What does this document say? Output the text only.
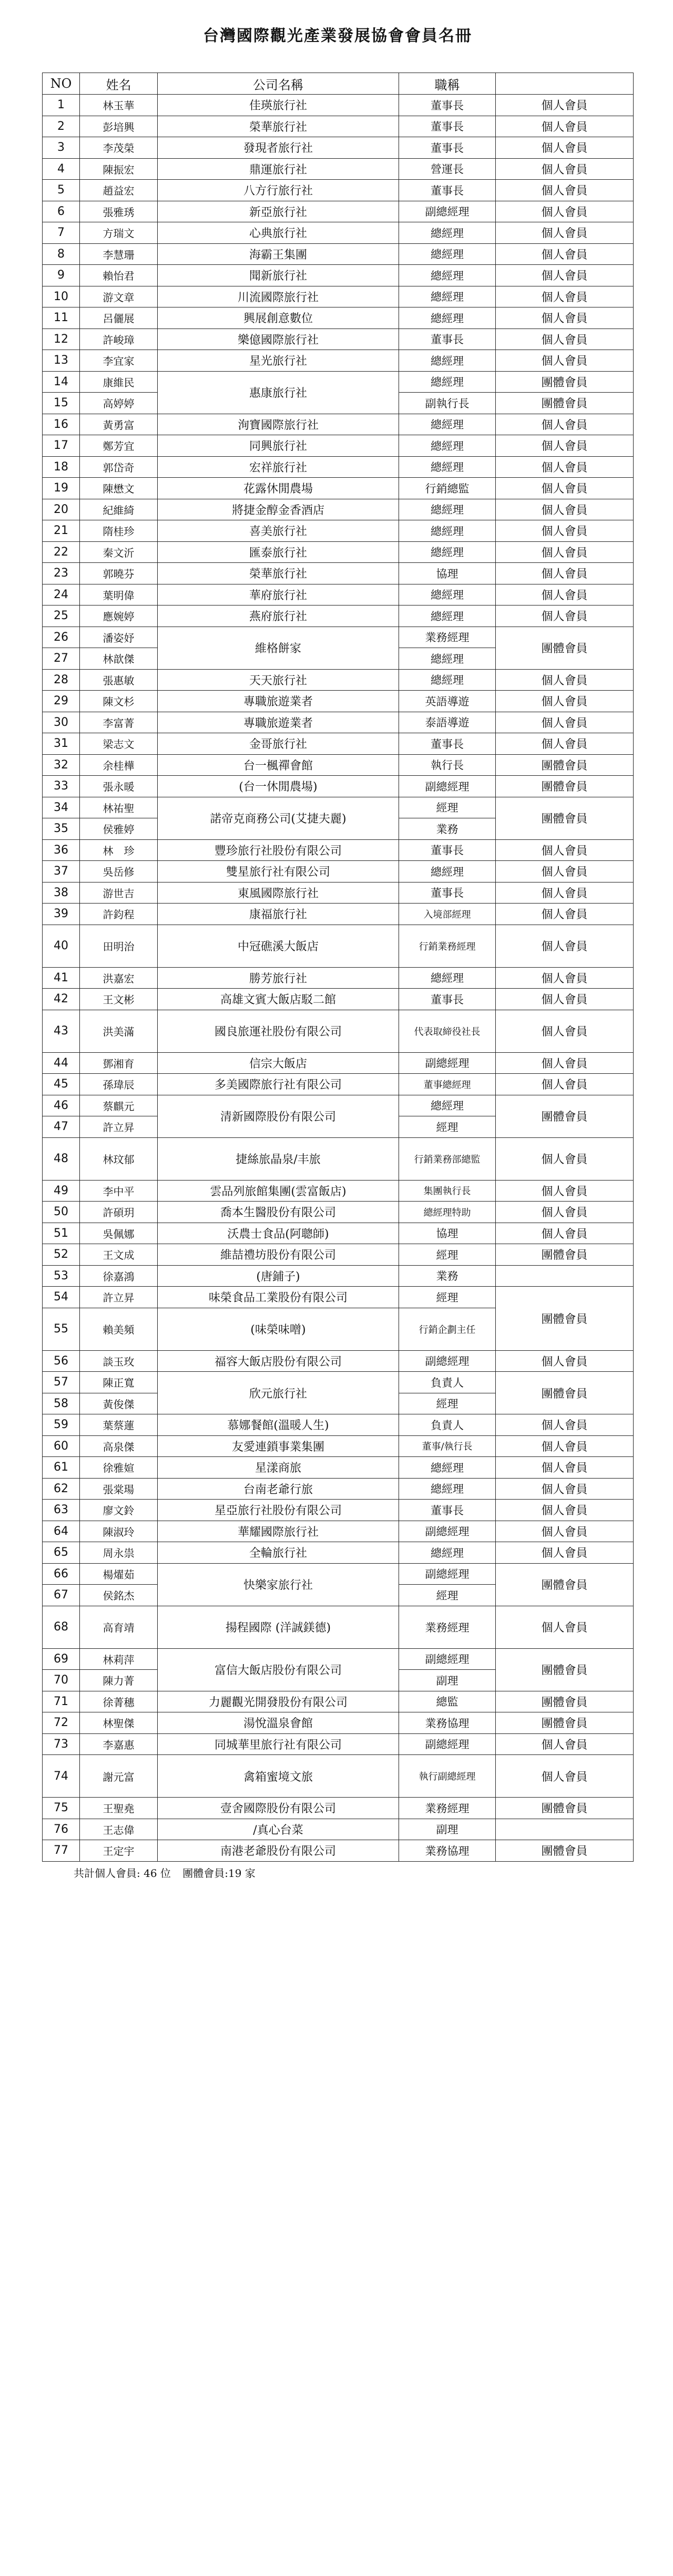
台灣國際觀光產業發展協會會員名冊
NO	姓名	公司名稱	職稱	
1	林玉華	佳瑛旅行社	董事長	個人會員
2	彭培興	榮華旅行社	董事長	個人會員
3	李茂榮	發現者旅行社	董事長	個人會員
4	陳振宏	鼎運旅行社	營運長	個人會員
5	趙益宏	八方行旅行社	董事長	個人會員
6	張雅琇	新亞旅行社	副總經理	個人會員
7	方瑞文	心典旅行社	總經理	個人會員
8	李慧珊	海霸王集團	總經理	個人會員
9	賴怡君	聞新旅行社	總經理	個人會員
10	游文章	川流國際旅行社	總經理	個人會員
11	呂儷展	興展創意數位	總經理	個人會員
12	許峻璋	樂億國際旅行社	董事長	個人會員
13	李宜家	星光旅行社	總經理	個人會員
14	康維民	惠康旅行社	總經理	團體會員
15	高婷婷		副執行長	團體會員
16	黃勇富	洵寶國際旅行社	總經理	個人會員
17	鄭芳宜	同興旅行社	總經理	個人會員
18	郭岱奇	宏祥旅行社	總經理	個人會員
19	陳懋文	花露休閒農場	行銷總監	個人會員
20	紀維綺	將捷金醇金香酒店	總經理	個人會員
21	隋桂珍	喜美旅行社	總經理	個人會員
22	秦文沂	匯泰旅行社	總經理	個人會員
23	郭曉芬	榮華旅行社	協理	個人會員
24	葉明偉	華府旅行社	總經理	個人會員
25	應婉婷	燕府旅行社	總經理	個人會員
26	潘姿妤	維格餅家	業務經理	團體會員
27	林歆傑		總經理	
28	張惠敏	天天旅行社	總經理	個人會員
29	陳文杉	專職旅遊業者	英語導遊	個人會員
30	李富菁	專職旅遊業者	泰語導遊	個人會員
31	梁志文	金哥旅行社	董事長	個人會員
32	余桂樺	台一楓禪會館	執行長	團體會員
33	張永暖	(台一休閒農場)	副總經理	團體會員
34	林祐聖	諾帝克商務公司(艾捷夫麗)	經理	團體會員
35	侯雅婷		業務	
36	林　珍	豐珍旅行社股份有限公司	董事長	個人會員
37	吳岳修	雙星旅行社有限公司	總經理	個人會員
38	游世吉	東風國際旅行社	董事長	個人會員
39	許鈞程	康福旅行社	入境部經理	個人會員
40	田明治	中冠礁溪大飯店	行銷業務經理	個人會員
41	洪嘉宏	勝芳旅行社	總經理	個人會員
42	王文彬	高雄文賓大飯店駁二館	董事長	個人會員
43	洪美滿	國良旅運社股份有限公司	代表取締役社長	個人會員
44	鄧湘育	信宗大飯店	副總經理	個人會員
45	孫瑋辰	多美國際旅行社有限公司	董事總經理	個人會員
46	蔡麒元	清新國際股份有限公司	總經理	團體會員
47	許立昇		經理	
48	林玟郁	捷絲旅晶泉/丰旅	行銷業務部總監	個人會員
49	李中平	雲品列旅館集團(雲富飯店)	集團執行長	個人會員
50	許碩玥	喬本生醫股份有限公司	總經理特助	個人會員
51	吳佩娜	沃農士食品(阿聰師)	協理	個人會員
52	王文成	維喆禮坊股份有限公司	經理	團體會員
53	徐嘉鴻	(唐鋪子)	業務	
54	許立昇	味榮食品工業股份有限公司	經理	團體會員
55	賴美頻	(味榮味噌)	行銷企劃主任	
56	談玉玫	福容大飯店股份有限公司	副總經理	個人會員
57	陳正寬	欣元旅行社	負責人	團體會員
58	黃俊傑		經理	
59	葉蔡蓮	慕娜餐館(溫暖人生)	負責人	個人會員
60	高泉傑	友愛連鎖事業集團	董事/執行長	個人會員
61	徐雅媗	星漾商旅	總經理	個人會員
62	張棠瑒	台南老爺行旅	總經理	個人會員
63	廖文鈴	星亞旅行社股份有限公司	董事長	個人會員
64	陳淑玲	華耀國際旅行社	副總經理	個人會員
65	周永祟	全輪旅行社	總經理	個人會員
66	楊燿茹	快樂家旅行社	副總經理	團體會員
67	侯銘杰		經理	
68	高育靖	揚程國際 (洋誠鎂德)	業務經理	個人會員
69	林莉萍	富信大飯店股份有限公司	副總經理	團體會員
70	陳力菁		副理	
71	徐菁穗	力麗觀光開發股份有限公司	總監	團體會員
72	林聖傑	湯悅溫泉會館	業務協理	團體會員
73	李嘉惠	同城華里旅行社有限公司	副總經理	個人會員
74	謝元富	禽箱蜜境文旅	執行副總經理	個人會員
75	王聖堯	壹舍國際股份有限公司	業務經理	團體會員
76	王志偉	/真心台菜	副理	
77	王定宇	南港老爺股份有限公司	業務協理	團體會員
共計個人會員: 46 位 團體會員:19 家
